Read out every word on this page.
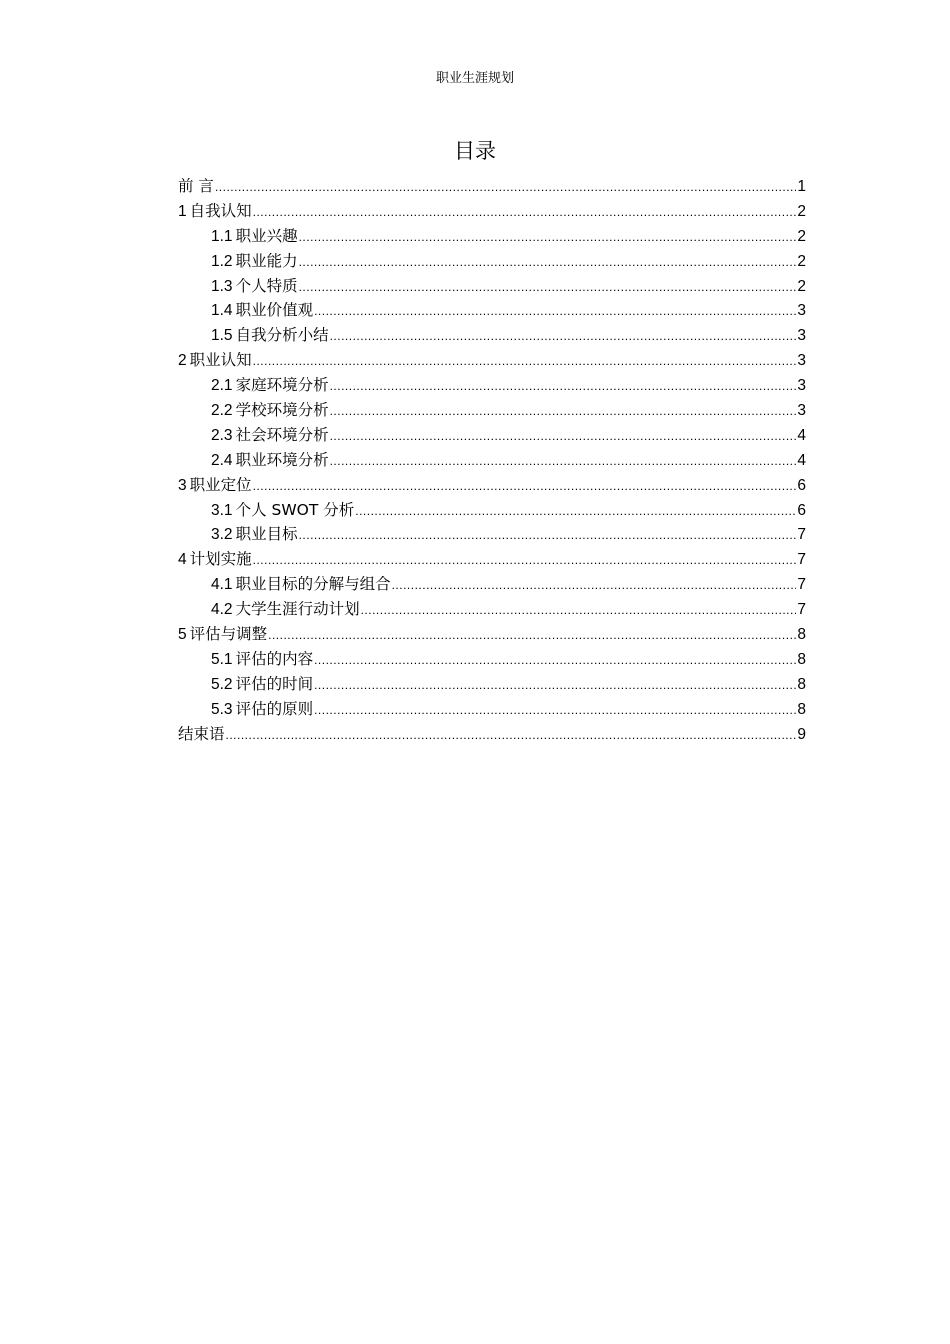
职业生涯规划
目录
前 言 .....	1
1 自我认知 .....	2
1.1 职业兴趣 .....	2
1.2 职业能力 .....	2
1.3 个人特质 .....	2
1.4 职业价值观 .....	3
1.5 自我分析小结 .....	3
2 职业认知 .....	3
2.1 家庭环境分析 .....	3
2.2 学校环境分析 .....	3
2.3 社会环境分析 .....	4
2.4 职业环境分析 .....	4
3 职业定位 .....	6
3.1 个人 SWOT 分析 .....	6
3.2 职业目标 .....	7
4 计划实施 .....	7
4.1 职业目标的分解与组合 .....	7
4.2 大学生涯行动计划 .....	7
5 评估与调整 .....	8
5.1 评估的内容 .....	8
5.2 评估的时间 .....	8
5.3 评估的原则 .....	8
结束语 .....	9
